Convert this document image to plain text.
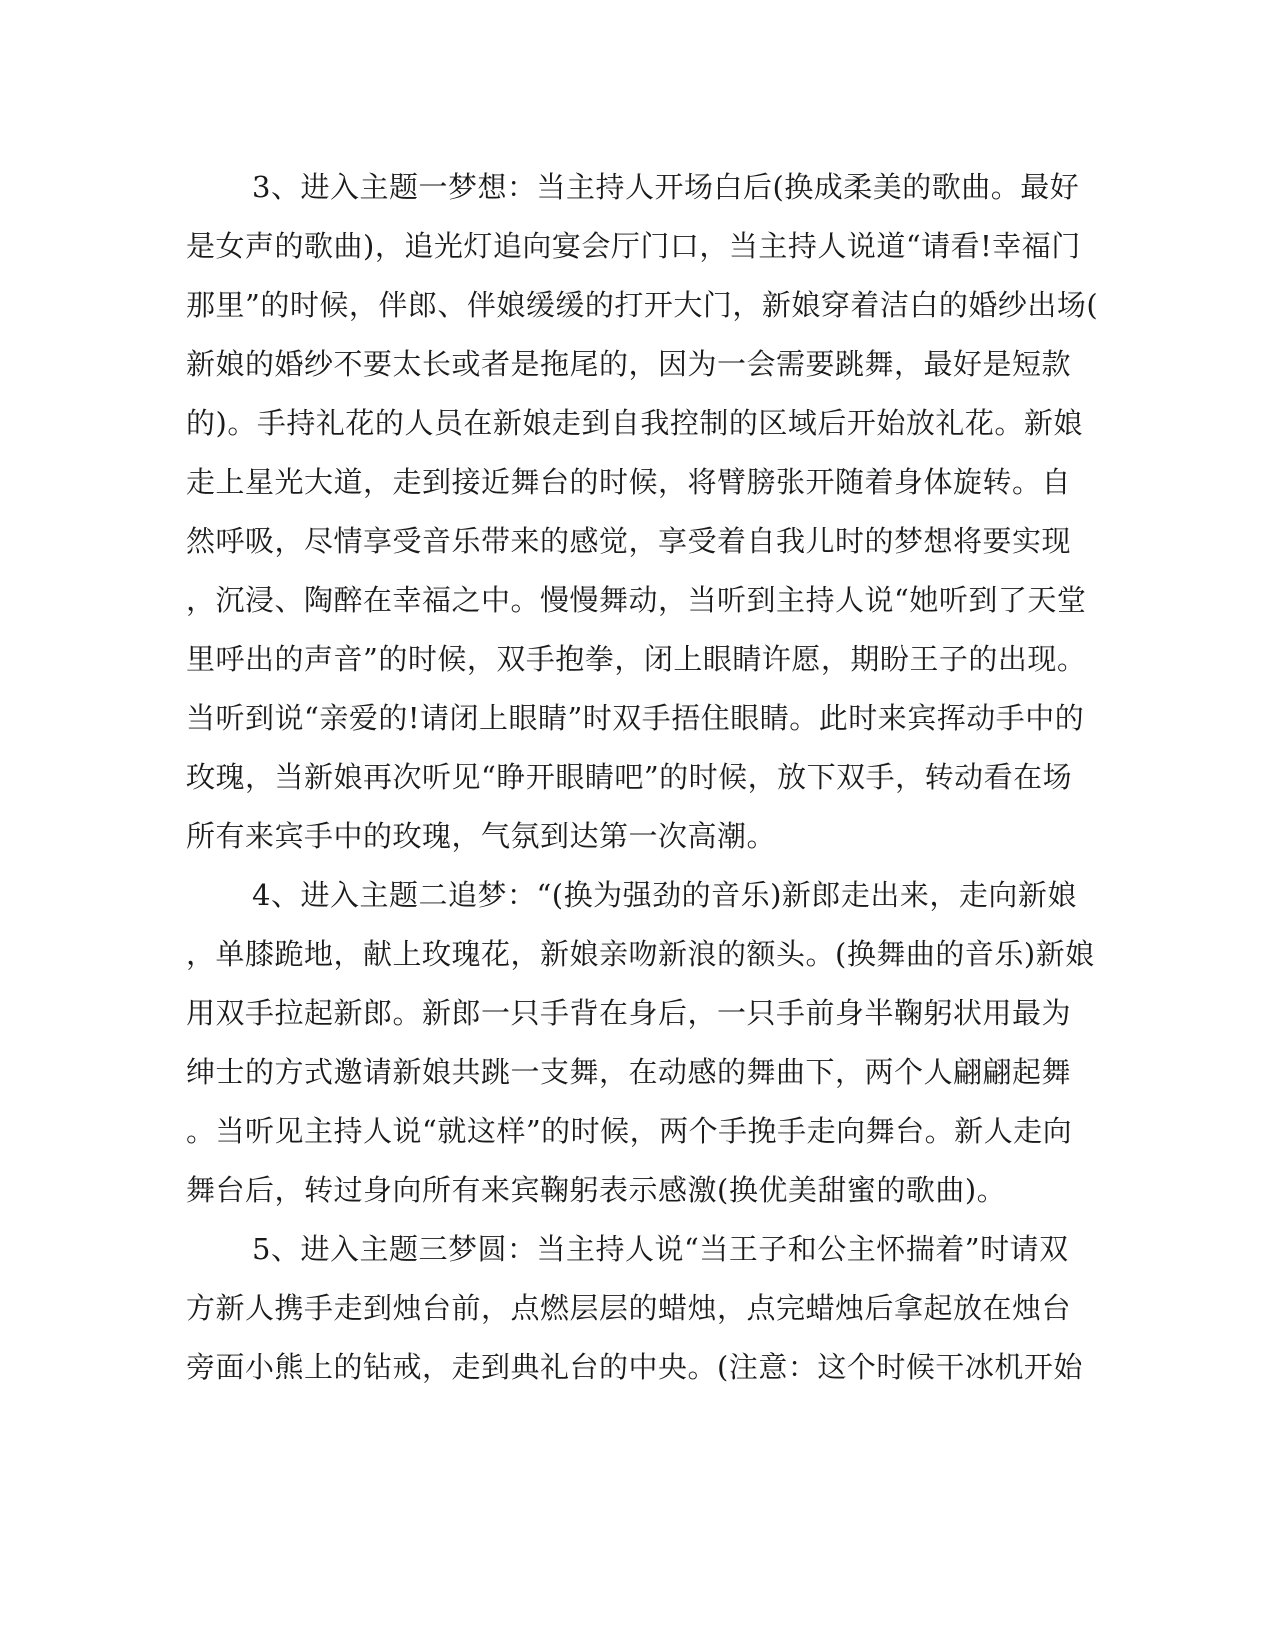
3、进入主题一梦想：当主持人开场白后(换成柔美的歌曲。最好
是女声的歌曲)，追光灯追向宴会厅门口，当主持人说道“请看!幸福门
那里”的时候，伴郎、伴娘缓缓的打开大门，新娘穿着洁白的婚纱出场(
新娘的婚纱不要太长或者是拖尾的，因为一会需要跳舞，最好是短款
的)。手持礼花的人员在新娘走到自我控制的区域后开始放礼花。新娘
走上星光大道，走到接近舞台的时候，将臂膀张开随着身体旋转。自
然呼吸，尽情享受音乐带来的感觉，享受着自我儿时的梦想将要实现
，沉浸、陶醉在幸福之中。慢慢舞动，当听到主持人说“她听到了天堂
里呼出的声音”的时候，双手抱拳，闭上眼睛许愿，期盼王子的出现。
当听到说“亲爱的!请闭上眼睛”时双手捂住眼睛。此时来宾挥动手中的
玫瑰，当新娘再次听见“睁开眼睛吧”的时候，放下双手，转动看在场
所有来宾手中的玫瑰，气氛到达第一次高潮。
4、进入主题二追梦：“(换为强劲的音乐)新郎走出来，走向新娘
，单膝跪地，献上玫瑰花，新娘亲吻新浪的额头。(换舞曲的音乐)新娘
用双手拉起新郎。新郎一只手背在身后，一只手前身半鞠躬状用最为
绅士的方式邀请新娘共跳一支舞，在动感的舞曲下，两个人翩翩起舞
。当听见主持人说“就这样”的时候，两个手挽手走向舞台。新人走向
舞台后，转过身向所有来宾鞠躬表示感激(换优美甜蜜的歌曲)。
5、进入主题三梦圆：当主持人说“当王子和公主怀揣着”时请双
方新人携手走到烛台前，点燃层层的蜡烛，点完蜡烛后拿起放在烛台
旁面小熊上的钻戒，走到典礼台的中央。(注意：这个时候干冰机开始
